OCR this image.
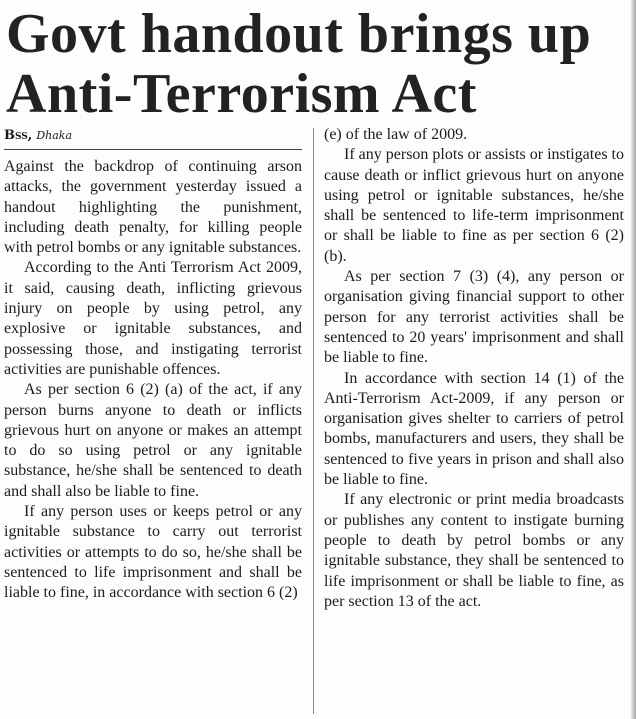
Govt handout brings up Anti-Terrorism Act
Bss, Dhaka

Against the backdrop of continuing arson attacks, the government yesterday issued a handout highlighting the punishment, including death penalty, for killing people with petrol bombs or any ignitable substances.

According to the Anti Terrorism Act 2009, it said, causing death, inflicting grievous injury on people by using petrol, any explosive or ignitable substances, and possessing those, and instigating terrorist activities are punishable offences.

As per section 6 (2) (a) of the act, if any person burns anyone to death or inflicts grievous hurt on anyone or makes an attempt to do so using petrol or any ignitable substance, he/she shall be sentenced to death and shall also be liable to fine.

If any person uses or keeps petrol or any ignitable substance to carry out terrorist activities or attempts to do so, he/she shall be sentenced to life imprisonment and shall be liable to fine, in accordance with section 6 (2)

(e) of the law of 2009.

If any person plots or assists or instigates to cause death or inflict grievous hurt on anyone using petrol or ignitable substances, he/she shall be sentenced to life-term imprisonment or shall be liable to fine as per section 6 (2) (b).

As per section 7 (3) (4), any person or organisation giving financial support to other person for any terrorist activities shall be sentenced to 20 years' imprisonment and shall be liable to fine.

In accordance with section 14 (1) of the Anti-Terrorism Act-2009, if any person or organisation gives shelter to carriers of petrol bombs, manufacturers and users, they shall be sentenced to five years in prison and shall also be liable to fine.

If any electronic or print media broadcasts or publishes any content to instigate burning people to death by petrol bombs or any ignitable substance, they shall be sentenced to life imprisonment or shall be liable to fine, as per section 13 of the act.
